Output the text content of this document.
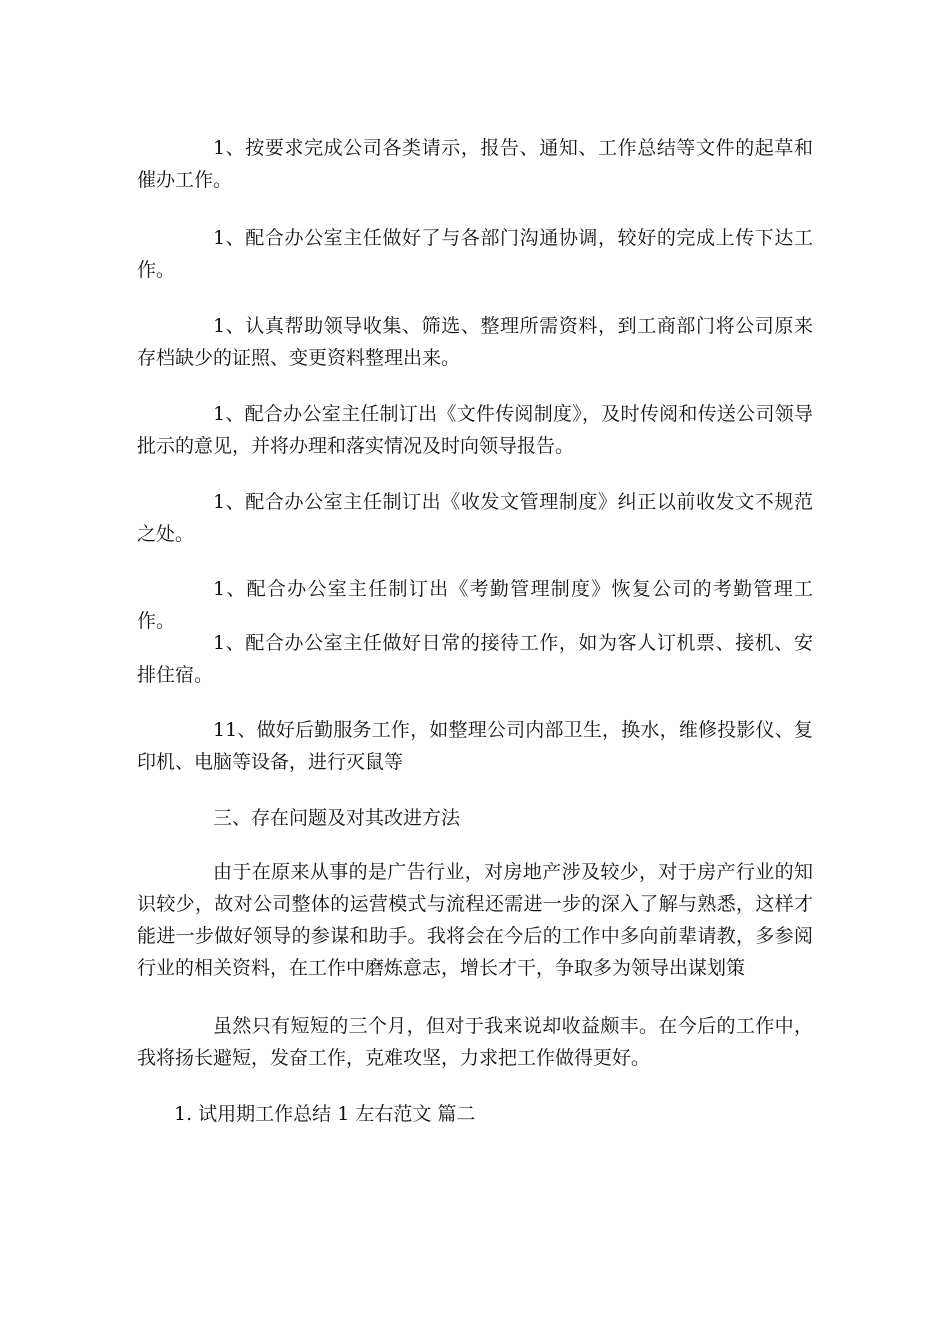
1、按要求完成公司各类请示，报告、通知、工作总结等文件的起草和催办工作。

1、配合办公室主任做好了与各部门沟通协调，较好的完成上传下达工作。

1、认真帮助领导收集、筛选、整理所需资料，到工商部门将公司原来存档缺少的证照、变更资料整理出来。

1、配合办公室主任制订出《文件传阅制度》，及时传阅和传送公司领导批示的意见，并将办理和落实情况及时向领导报告。

1、配合办公室主任制订出《收发文管理制度》纠正以前收发文不规范之处。

1、配合办公室主任制订出《考勤管理制度》恢复公司的考勤管理工作。

1、配合办公室主任做好日常的接待工作，如为客人订机票、接机、安排住宿。

11、做好后勤服务工作，如整理公司内部卫生，换水，维修投影仪、复印机、电脑等设备，进行灭鼠等

三、存在问题及对其改进方法

由于在原来从事的是广告行业，对房地产涉及较少，对于房产行业的知识较少，故对公司整体的运营模式与流程还需进一步的深入了解与熟悉，这样才能进一步做好领导的参谋和助手。我将会在今后的工作中多向前辈请教，多参阅行业的相关资料，在工作中磨炼意志，增长才干，争取多为领导出谋划策

虽然只有短短的三个月，但对于我来说却收益颇丰。在今后的工作中，我将扬长避短，发奋工作，克难攻坚，力求把工作做得更好。

1. 试用期工作总结 1 左右范文 篇二
